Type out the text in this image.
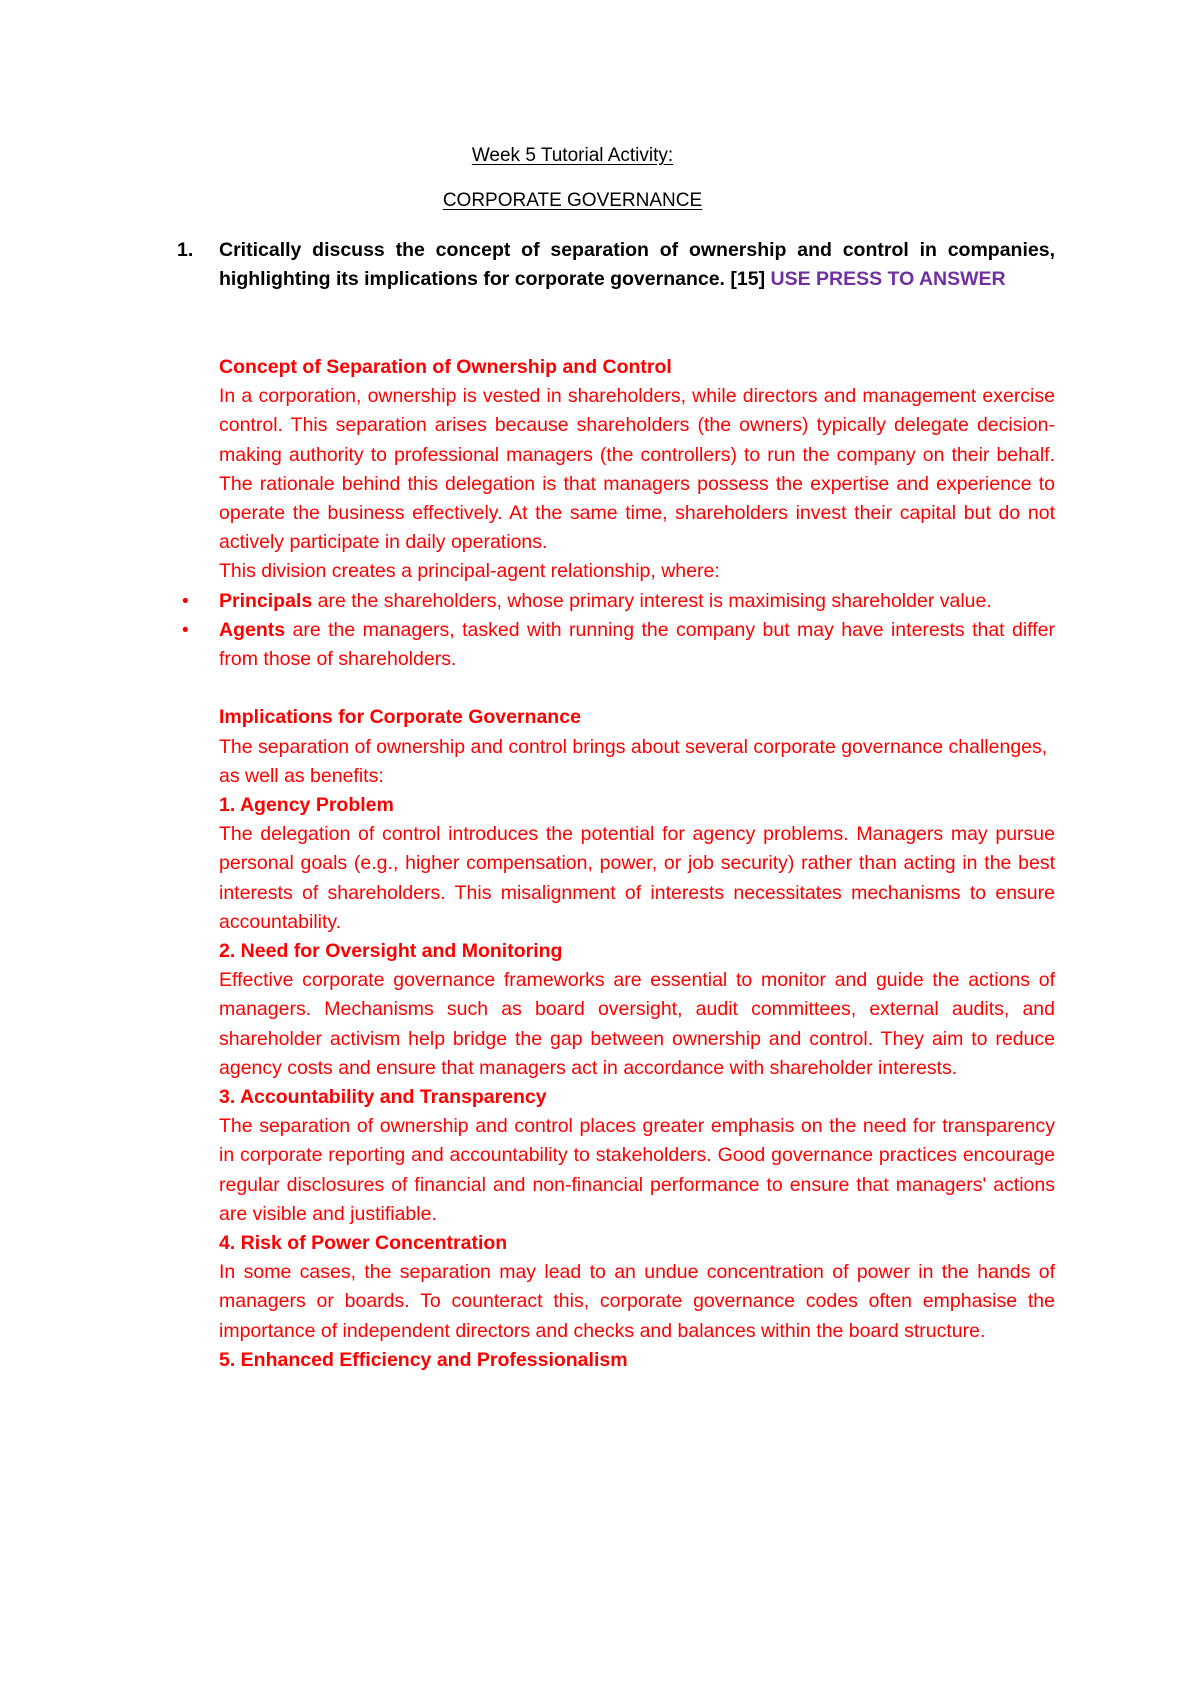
Week 5 Tutorial Activity:
CORPORATE GOVERNANCE
1. Critically discuss the concept of separation of ownership and control in companies, highlighting its implications for corporate governance. [15] USE PRESS TO ANSWER

Concept of Separation of Ownership and Control

In a corporation, ownership is vested in shareholders, while directors and management exercise control. This separation arises because shareholders (the owners) typically delegate decision-making authority to professional managers (the controllers) to run the company on their behalf. The rationale behind this delegation is that managers possess the expertise and experience to operate the business effectively. At the same time, shareholders invest their capital but do not actively participate in daily operations.

This division creates a principal-agent relationship, where:

• Principals are the shareholders, whose primary interest is maximising shareholder value.

• Agents are the managers, tasked with running the company but may have interests that differ from those of shareholders.

Implications for Corporate Governance

The separation of ownership and control brings about several corporate governance challenges, as well as benefits:

1. Agency Problem

The delegation of control introduces the potential for agency problems. Managers may pursue personal goals (e.g., higher compensation, power, or job security) rather than acting in the best interests of shareholders. This misalignment of interests necessitates mechanisms to ensure accountability.

2. Need for Oversight and Monitoring

Effective corporate governance frameworks are essential to monitor and guide the actions of managers. Mechanisms such as board oversight, audit committees, external audits, and shareholder activism help bridge the gap between ownership and control. They aim to reduce agency costs and ensure that managers act in accordance with shareholder interests.

3. Accountability and Transparency

The separation of ownership and control places greater emphasis on the need for transparency in corporate reporting and accountability to stakeholders. Good governance practices encourage regular disclosures of financial and non-financial performance to ensure that managers' actions are visible and justifiable.

4. Risk of Power Concentration

In some cases, the separation may lead to an undue concentration of power in the hands of managers or boards. To counteract this, corporate governance codes often emphasise the importance of independent directors and checks and balances within the board structure.

5. Enhanced Efficiency and Professionalism
